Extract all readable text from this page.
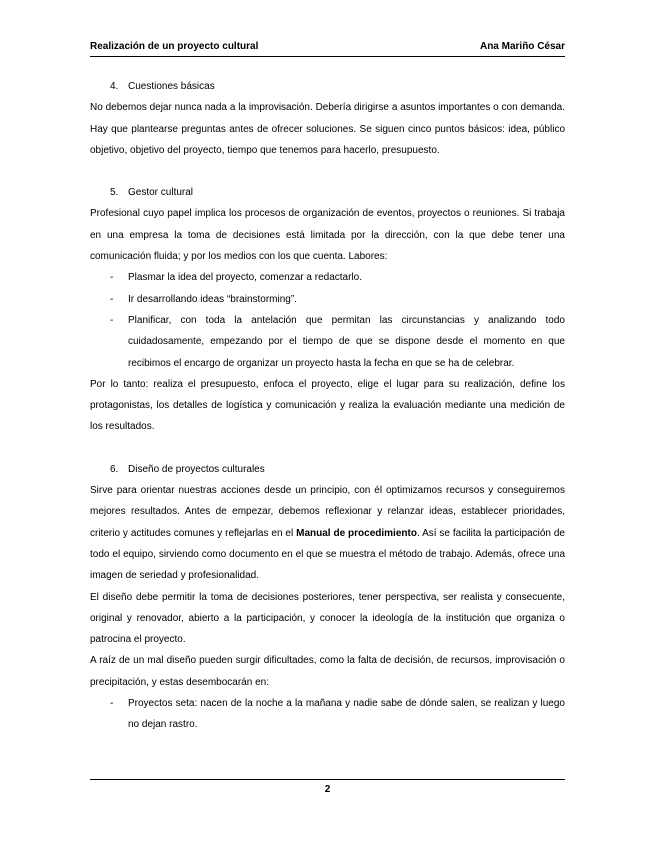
Realización de un proyecto cultural	Ana Mariño César
4. Cuestiones básicas

No debemos dejar nunca nada a la improvisación. Debería dirigirse a asuntos importantes o con demanda. Hay que plantearse preguntas antes de ofrecer soluciones. Se siguen cinco puntos básicos: idea, público objetivo, objetivo del proyecto, tiempo que tenemos para hacerlo, presupuesto.

5. Gestor cultural

Profesional cuyo papel implica los procesos de organización de eventos, proyectos o reuniones. Si trabaja en una empresa la toma de decisiones está limitada por la dirección, con la que debe tener una comunicación fluida; y por los medios con los que cuenta. Labores:

- Plasmar la idea del proyecto, comenzar a redactarlo.
- Ir desarrollando ideas “brainstorming”.
- Planificar, con toda la antelación que permitan las circunstancias y analizando todo cuidadosamente, empezando por el tiempo de que se dispone desde el momento en que recibimos el encargo de organizar un proyecto hasta la fecha en que se ha de celebrar.

Por lo tanto: realiza el presupuesto, enfoca el proyecto, elige el lugar para su realización, define los protagonistas, los detalles de logística y comunicación y realiza la evaluación mediante una medición de los resultados.

6. Diseño de proyectos culturales

Sirve para orientar nuestras acciones desde un principio, con él optimizamos recursos y conseguiremos mejores resultados. Antes de empezar, debemos reflexionar y relanzar ideas, establecer prioridades, criterio y actitudes comunes y reflejarlas en el Manual de procedimiento. Así se facilita la participación de todo el equipo, sirviendo como documento en el que se muestra el método de trabajo. Además, ofrece una imagen de seriedad y profesionalidad.

El diseño debe permitir la toma de decisiones posteriores, tener perspectiva, ser realista y consecuente, original y renovador, abierto a la participación, y conocer la ideología de la institución que organiza o patrocina el proyecto.

A raíz de un mal diseño pueden surgir dificultades, como la falta de decisión, de recursos, improvisación o precipitación, y estas desembocarán en:

- Proyectos seta: nacen de la noche a la mañana y nadie sabe de dónde salen, se realizan y luego no dejan rastro.
2
